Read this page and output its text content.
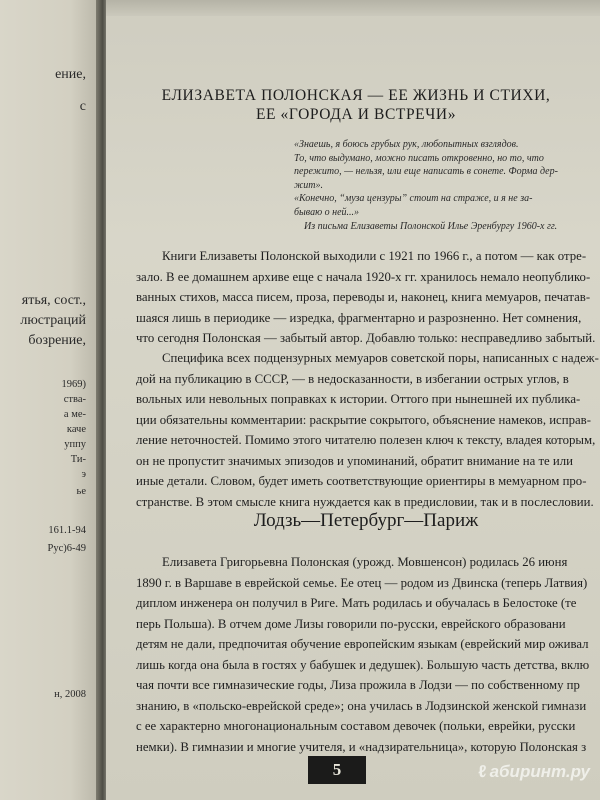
ение,
с
ятья, сост.,
люстраций
бозрение,
1969)
ства-
а ме-
каче
уппу
Ти-
э
ье
161.1-94
Рус)6-49
н, 2008
ЕЛИЗАВЕТА ПОЛОНСКАЯ — ЕЕ ЖИЗНЬ И СТИХИ,
ЕЕ «ГОРОДА И ВСТРЕЧИ»
«Знаешь, я боюсь грубых рук, любопытных взглядов.
То, что выдумано, можно писать откровенно, но то, что
пережито, — нельзя, или еще написать в сонете. Форма дер-
жит».
«Конечно, “муза цензуры” стоит на страже, и я не за-
бываю о ней...»
Из письма Елизаветы Полонской Илье Эренбургу 1960-х гг.
Книги Елизаветы Полонской выходили с 1921 по 1966 г., а потом — как отре-
зало. В ее домашнем архиве еще с начала 1920-х гг. хранилось немало неопублико-
ванных стихов, масса писем, проза, переводы и, наконец, книга мемуаров, печатав-
шаяся лишь в периодике — изредка, фрагментарно и разрозненно. Нет сомнения,
что сегодня Полонская — забытый автор. Добавлю только: несправедливо забытый.
Специфика всех подцензурных мемуаров советской поры, написанных с надеж-
дой на публикацию в СССР, — в недосказанности, в избегании острых углов, в
вольных или невольных поправках к истории. Оттого при нынешней их публика-
ции обязательны комментарии: раскрытие сокрытого, объяснение намеков, исправ-
ление неточностей. Помимо этого читателю полезен ключ к тексту, владея которым,
он не пропустит значимых эпизодов и упоминаний, обратит внимание на те или
иные детали. Словом, будет иметь соответствующие ориентиры в мемуарном про-
странстве. В этом смысле книга нуждается как в предисловии, так и в послесловии.
Лодзь—Петербург—Париж
Елизавета Григорьевна Полонская (урожд. Мовшенсон) родилась 26 июня
1890 г. в Варшаве в еврейской семье. Ее отец — родом из Двинска (теперь Латвия)
диплом инженера он получил в Риге. Мать родилась и обучалась в Белостоке (те
перь Польша). В отчем доме Лизы говорили по-русски, еврейского образовани
детям не дали, предпочитая обучение европейским языкам (еврейский мир оживал
лишь когда она была в гостях у бабушек и дедушек). Большую часть детства, вклю
чая почти все гимназические годы, Лиза прожила в Лодзи — по собственному пр
знанию, в «польско-еврейской среде»; она училась в Лодзинской женской гимнази
с ее характерно многонациональным составом девочек (польки, еврейки, русски
немки). В гимназии и многие учителя, и «надзирательница», которую Полонская з
5	ℓ абиринт.ру
